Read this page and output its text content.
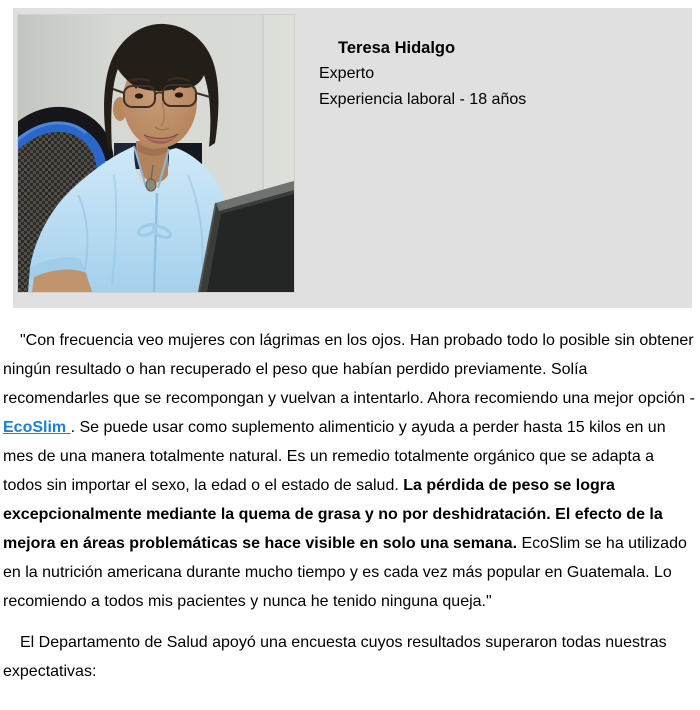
Teresa Hidalgo
Experto
Experiencia laboral - 18 años

"Con frecuencia veo mujeres con lágrimas en los ojos. Han probado todo lo posible sin obtener ningún resultado o han recuperado el peso que habían perdido previamente. Solía recomendarles que se recompongan y vuelvan a intentarlo. Ahora recomiendo una mejor opción - EcoSlim . Se puede usar como suplemento alimenticio y ayuda a perder hasta 15 kilos en un mes de una manera totalmente natural. Es un remedio totalmente orgánico que se adapta a todos sin importar el sexo, la edad o el estado de salud. La pérdida de peso se logra excepcionalmente mediante la quema de grasa y no por deshidratación. El efecto de la mejora en áreas problemáticas se hace visible en solo una semana. EcoSlim se ha utilizado en la nutrición americana durante mucho tiempo y es cada vez más popular en Guatemala. Lo recomiendo a todos mis pacientes y nunca he tenido ninguna queja."

El Departamento de Salud apoyó una encuesta cuyos resultados superaron todas nuestras expectativas:
